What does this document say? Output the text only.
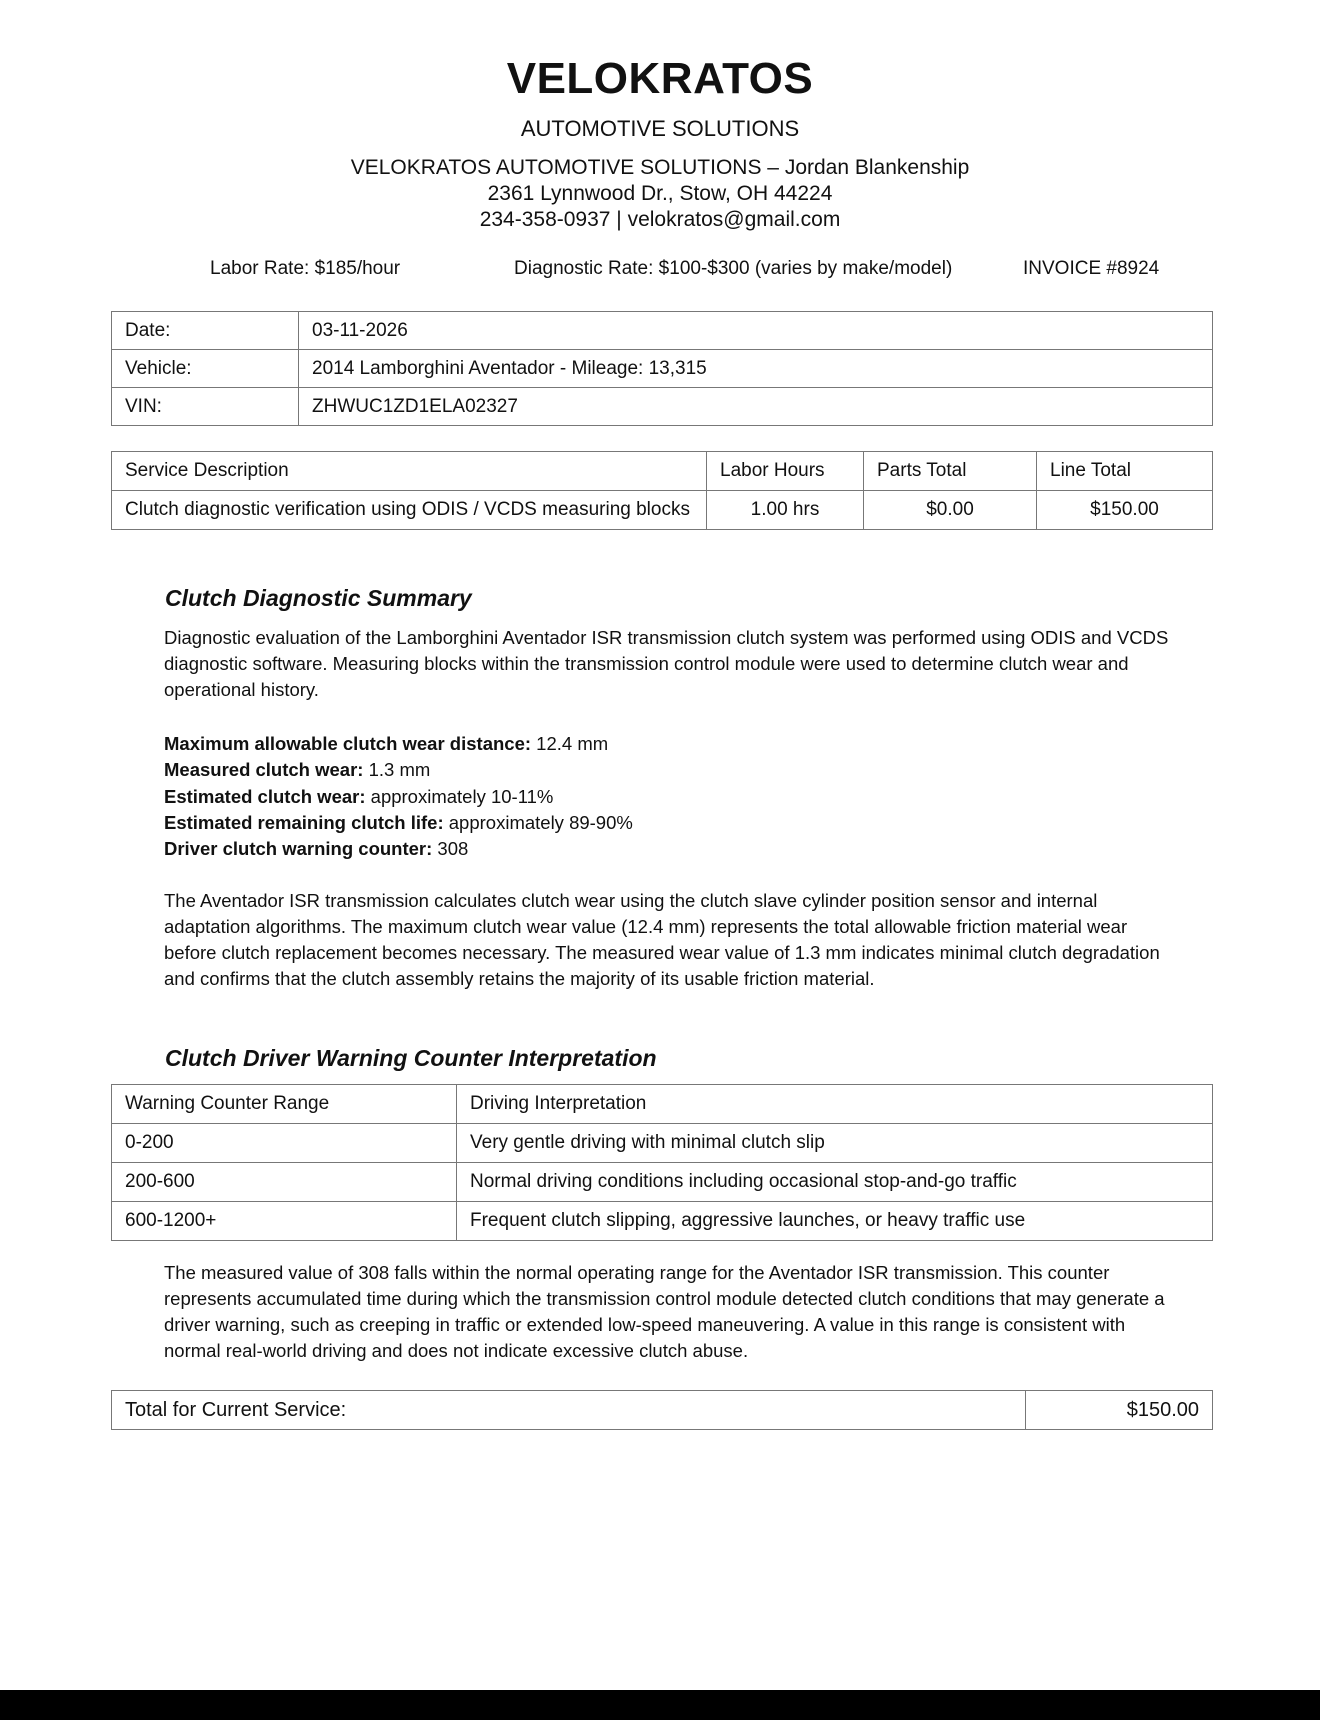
VELOKRATOS
AUTOMOTIVE SOLUTIONS
VELOKRATOS AUTOMOTIVE SOLUTIONS – Jordan Blankenship
2361 Lynnwood Dr., Stow, OH 44224
234-358-0937 | velokratos@gmail.com
Labor Rate: $185/hour	Diagnostic Rate: $100-$300 (varies by make/model)	INVOICE #8924
Date:	03-11-2026
Vehicle:	2014 Lamborghini Aventador - Mileage: 13,315
VIN:	ZHWUC1ZD1ELA02327
Service Description	Labor Hours	Parts Total	Line Total
Clutch diagnostic verification using ODIS / VCDS measuring blocks	1.00 hrs	$0.00	$150.00
Clutch Diagnostic Summary

Diagnostic evaluation of the Lamborghini Aventador ISR transmission clutch system was performed using ODIS and VCDS diagnostic software. Measuring blocks within the transmission control module were used to determine clutch wear and operational history.

Maximum allowable clutch wear distance: 12.4 mm
Measured clutch wear: 1.3 mm
Estimated clutch wear: approximately 10-11%
Estimated remaining clutch life: approximately 89-90%
Driver clutch warning counter: 308

The Aventador ISR transmission calculates clutch wear using the clutch slave cylinder position sensor and internal adaptation algorithms. The maximum clutch wear value (12.4 mm) represents the total allowable friction material wear before clutch replacement becomes necessary. The measured wear value of 1.3 mm indicates minimal clutch degradation and confirms that the clutch assembly retains the majority of its usable friction material.

Clutch Driver Warning Counter Interpretation
Warning Counter Range	Driving Interpretation
0-200	Very gentle driving with minimal clutch slip
200-600	Normal driving conditions including occasional stop-and-go traffic
600-1200+	Frequent clutch slipping, aggressive launches, or heavy traffic use

The measured value of 308 falls within the normal operating range for the Aventador ISR transmission. This counter represents accumulated time during which the transmission control module detected clutch conditions that may generate a driver warning, such as creeping in traffic or extended low-speed maneuvering. A value in this range is consistent with normal real-world driving and does not indicate excessive clutch abuse.

Total for Current Service:	$150.00
